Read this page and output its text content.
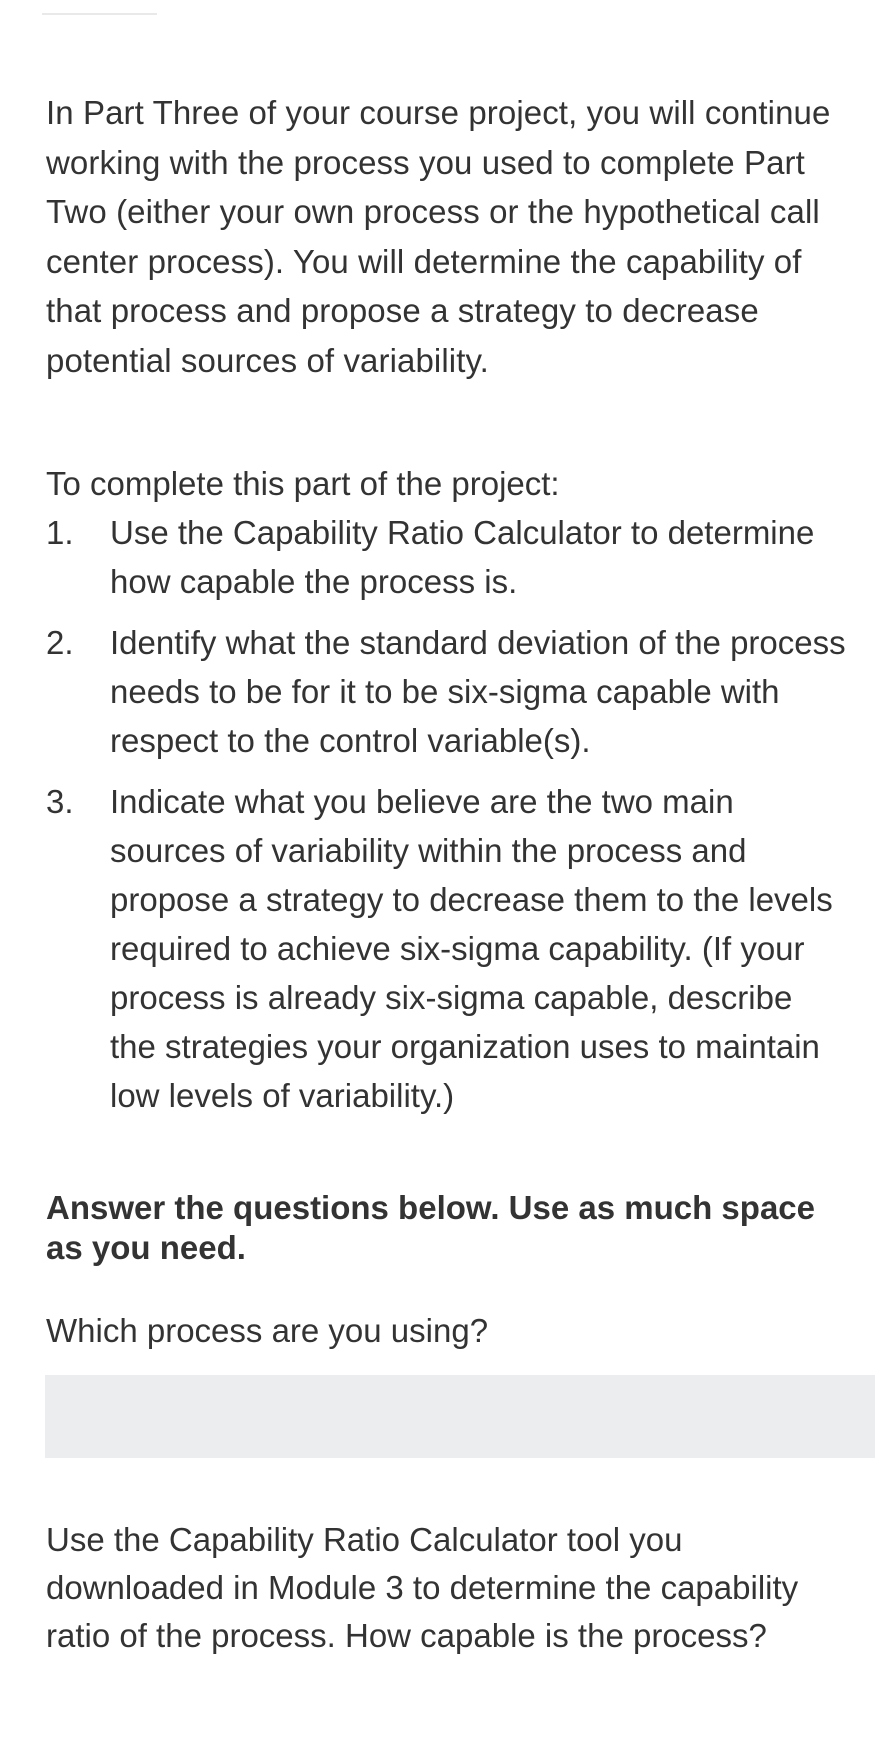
In Part Three of your course project, you will continue working with the process you used to complete Part Two (either your own process or the hypothetical call center process). You will determine the capability of that process and propose a strategy to decrease potential sources of variability.

To complete this part of the project:

1.	Use the Capability Ratio Calculator to determine how capable the process is.
2.	Identify what the standard deviation of the process needs to be for it to be six-sigma capable with respect to the control variable(s).
3.	Indicate what you believe are the two main sources of variability within the process and propose a strategy to decrease them to the levels required to achieve six-sigma capability. (If your process is already six-sigma capable, describe the strategies your organization uses to maintain low levels of variability.)

Answer the questions below. Use as much space as you need.

Which process are you using?

Use the Capability Ratio Calculator tool you downloaded in Module 3 to determine the capability ratio of the process. How capable is the process?
